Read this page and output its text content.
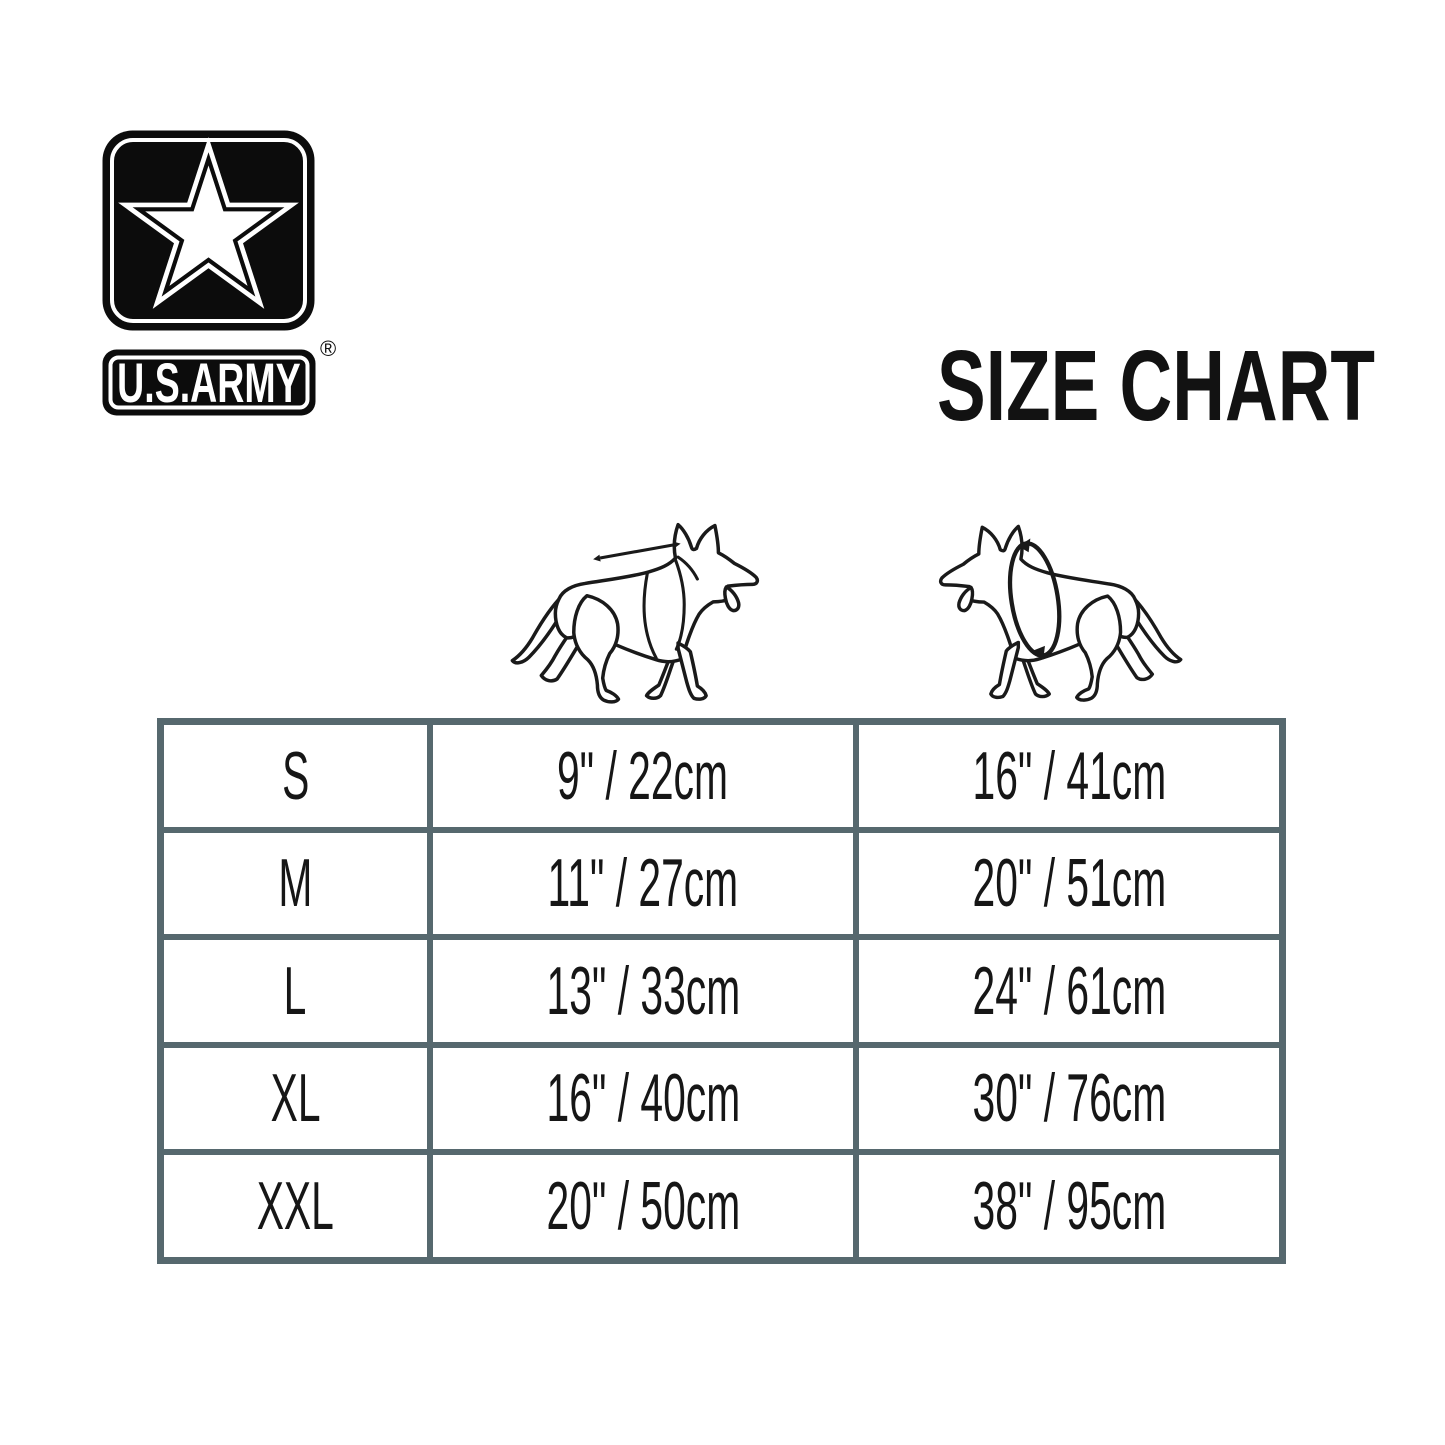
U.S.ARMY
®	SIZE CHART
S	9" / 22cm	16" / 41cm
M	11" / 27cm	20" / 51cm
L	13" / 33cm	24" / 61cm
XL	16" / 40cm	30" / 76cm
XXL	20" / 50cm	38" / 95cm
